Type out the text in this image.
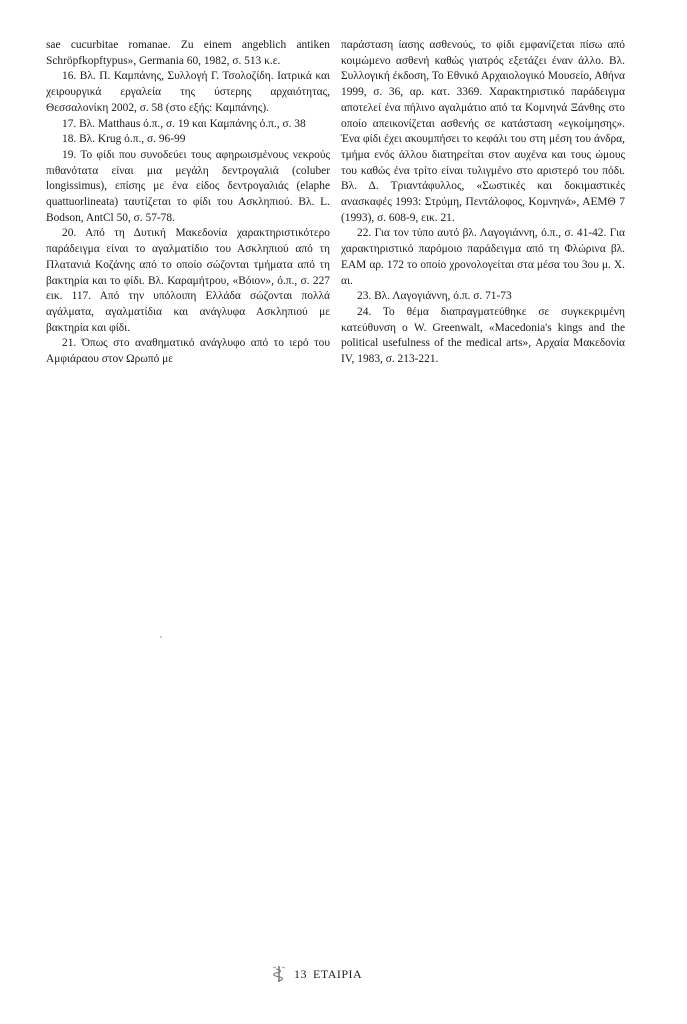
sae cucurbitae romanae. Zu einem angeblich antiken Schröpfkopftypus», Germania 60, 1982, σ. 513 κ.ε.

16. Βλ. Π. Καμπάνης, Συλλογή Γ. Τσολοζίδη. Ιατρικά και χειρουργικά εργαλεία της ύστερης αρχαιότητας, Θεσσαλονίκη 2002, σ. 58 (στο εξής: Καμπάνης).

17. Βλ. Matthaus ό.π., σ. 19 και Καμπάνης ό.π., σ. 38

18. Βλ. Krug ό.π., σ. 96-99

19. Το φίδι που συνοδεύει τους αφηρωισμένους νεκρούς πιθανότατα είναι μια μεγάλη δεντρογαλιά (coluber longissimus), επίσης με ένα είδος δεντρογαλιάς (elaphe quattuorlineata) ταυτίζεται το φίδι του Ασκληπιού. Βλ. L. Bodson, AntCl 50, σ. 57-78.

20. Από τη Δυτική Μακεδονία χαρακτηριστικότερο παράδειγμα είναι το αγαλματίδιο του Ασκληπιού από τη Πλατανιά Κοζάνης από το οποίο σώζονται τμήματα από τη βακτηρία και το φίδι. Βλ. Καραμήτρου, «Βόιον», ό.π., σ. 227 εικ. 117. Από την υπόλοιπη Ελλάδα σώζονται πολλά αγάλματα, αγαλματίδια και ανάγλυφα Ασκληπιού με βακτηρία και φίδι.

21. Όπως στο αναθηματικό ανάγλυφο από το ιερό του Αμφιάραου στον Ωρωπό με

παράσταση ίασης ασθενούς, το φίδι εμφανίζεται πίσω από κοιμώμενο ασθενή καθώς γιατρός εξετάζει έναν άλλο. Βλ. Συλλογική έκδοση, Το Εθνικό Αρχαιολογικό Μουσείο, Αθήνα 1999, σ. 36, αρ. κατ. 3369. Χαρακτηριστικό παράδειγμα αποτελεί ένα πήλινο αγαλμάτιο από τα Κομνηνά Ξάνθης στο οποίο απεικονίζεται ασθενής σε κατάσταση «εγκοίμησης». Ένα φίδι έχει ακουμπήσει το κεφάλι του στη μέση του άνδρα, τμήμα ενός άλλου διατηρείται στον αυχένα και τους ώμους του καθώς ένα τρίτο είναι τυλιγμένο στο αριστερό του πόδι. Βλ. Δ. Τριαντάφυλλος, «Σωστικές και δοκιμαστικές ανασκαφές 1993: Στρύμη, Πεντάλοφος, Κομνηνά», ΑΕΜΘ 7 (1993), σ. 608-9, εικ. 21.

22. Για τον τύπο αυτό βλ. Λαγογιάννη, ό.π., σ. 41-42. Για χαρακτηριστικό παρόμοιο παράδειγμα από τη Φλώρινα βλ. ΕΑΜ αρ. 172 το οποίο χρονολογείται στα μέσα του 3ου μ. Χ. αι.

23. Βλ. Λαγογιάννη, ό.π. σ. 71-73

24. Το θέμα διαπραγματεύθηκε σε συγκεκριμένη κατεύθυνση ο W. Greenwalt, «Macedonia's kings and the political usefulness of the medical arts», Αρχαία Μακεδονία IV, 1983, σ. 213-221.

13 ΕΤΑΙΡΙΑ
